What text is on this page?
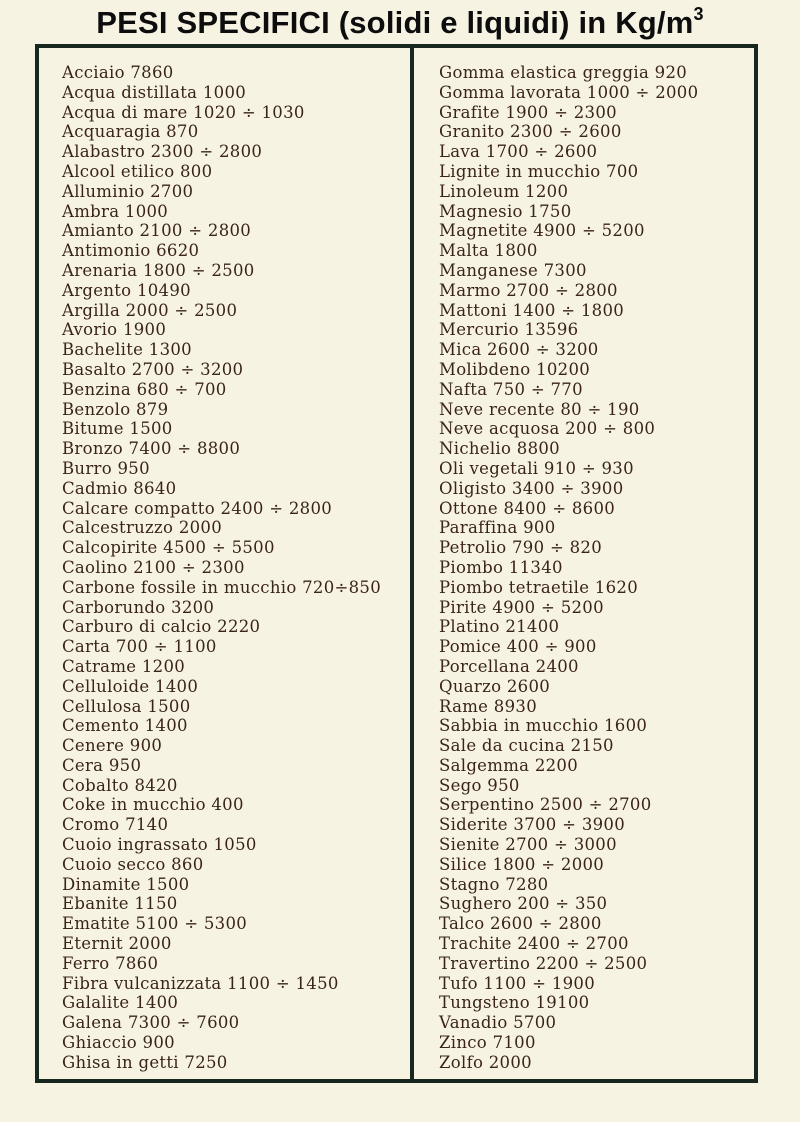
PESI SPECIFICI (solidi e liquidi) in $Kg/m^3$
Acciaio 7860
Acqua distillata 1000
Acqua di mare 1020 ÷ 1030
Acquaragia 870
Alabastro 2300 ÷ 2800
Alcool etilico 800
Alluminio 2700
Ambra 1000
Amianto 2100 ÷ 2800
Antimonio 6620
Arenaria 1800 ÷ 2500
Argento 10490
Argilla 2000 ÷ 2500
Avorio 1900
Bachelite 1300
Basalto 2700 ÷ 3200
Benzina 680 ÷ 700
Benzolo 879
Bitume 1500
Bronzo 7400 ÷ 8800
Burro 950
Cadmio 8640
Calcare compatto 2400 ÷ 2800
Calcestruzzo 2000
Calcopirite 4500 ÷ 5500
Caolino 2100 ÷ 2300
Carbone fossile in mucchio 720÷850
Carborundo 3200
Carburo di calcio 2220
Carta 700 ÷ 1100
Catrame 1200
Celluloide 1400
Cellulosa 1500
Cemento 1400
Cenere 900
Cera 950
Cobalto 8420
Coke in mucchio 400
Cromo 7140
Cuoio ingrassato 1050
Cuoio secco 860
Dinamite 1500
Ebanite 1150
Ematite 5100 ÷ 5300
Eternit 2000
Ferro 7860
Fibra vulcanizzata 1100 ÷ 1450
Galalite 1400
Galena 7300 ÷ 7600
Ghiaccio 900
Ghisa in getti 7250
Gomma elastica greggia 920
Gomma lavorata 1000 ÷ 2000
Grafite 1900 ÷ 2300
Granito 2300 ÷ 2600
Lava 1700 ÷ 2600
Lignite in mucchio 700
Linoleum 1200
Magnesio 1750
Magnetite 4900 ÷ 5200
Malta 1800
Manganese 7300
Marmo 2700 ÷ 2800
Mattoni 1400 ÷ 1800
Mercurio 13596
Mica 2600 ÷ 3200
Molibdeno 10200
Nafta 750 ÷ 770
Neve recente 80 ÷ 190
Neve acquosa 200 ÷ 800
Nichelio 8800
Oli vegetali 910 ÷ 930
Oligisto 3400 ÷ 3900
Ottone 8400 ÷ 8600
Paraffina 900
Petrolio 790 ÷ 820
Piombo 11340
Piombo tetraetile 1620
Pirite 4900 ÷ 5200
Platino 21400
Pomice 400 ÷ 900
Porcellana 2400
Quarzo 2600
Rame 8930
Sabbia in mucchio 1600
Sale da cucina 2150
Salgemma 2200
Sego 950
Serpentino 2500 ÷ 2700
Siderite 3700 ÷ 3900
Sienite 2700 ÷ 3000
Silice 1800 ÷ 2000
Stagno 7280
Sughero 200 ÷ 350
Talco 2600 ÷ 2800
Trachite 2400 ÷ 2700
Travertino 2200 ÷ 2500
Tufo 1100 ÷ 1900
Tungsteno 19100
Vanadio 5700
Zinco 7100
Zolfo 2000
